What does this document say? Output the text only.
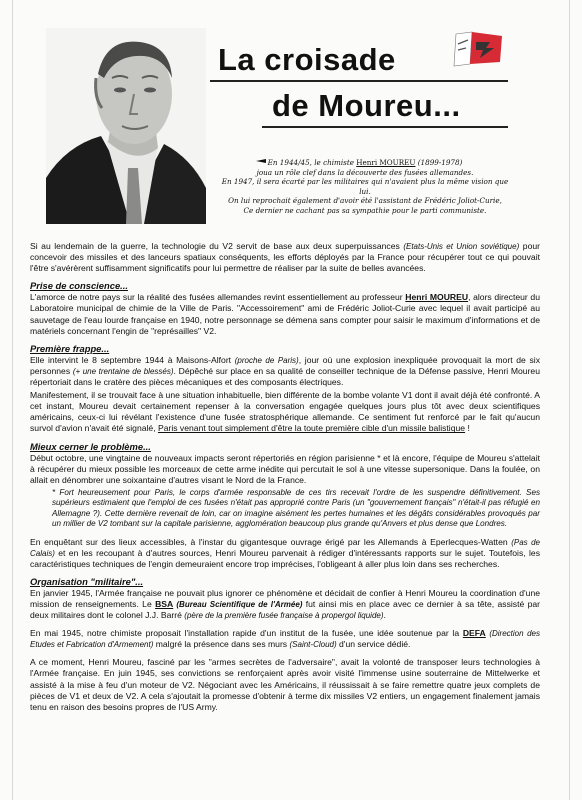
La croisade
de Moureu...
En 1944/45, le chimiste Henri MOUREU (1899-1978)
joua un rôle clef dans la découverte des fusées allemandes.
En 1947, il sera écarté par les militaires qui n'avaient plus la même vision que lui.
On lui reprochait également d'avoir été l'assistant de Frédéric Joliot-Curie,
Ce dernier ne cachant pas sa sympathie pour le parti communiste.

Si au lendemain de la guerre, la technologie du V2 servit de base aux deux superpuissances (Etats-Unis et Union soviétique) pour concevoir des missiles et des lanceurs spatiaux conséquents, les efforts déployés par la France pour récupérer tout ce qui pouvait l'être s'avérèrent suffisamment significatifs pour lui permettre de réaliser par la suite de belles avancées.

Prise de conscience...

L'amorce de notre pays sur la réalité des fusées allemandes revint essentiellement au professeur Henri MOUREU, alors directeur du Laboratoire municipal de chimie de la Ville de Paris. "Accessoirement" ami de Frédéric Joliot-Curie avec lequel il avait participé au sauvetage de l'eau lourde française en 1940, notre personnage se démena sans compter pour saisir le maximum d'informations et de matériels concernant l'engin de "représailles" V2.

Première frappe...

Elle intervint le 8 septembre 1944 à Maisons-Alfort (proche de Paris), jour où une explosion inexpliquée provoquait la mort de six personnes (+ une trentaine de blessés). Dépêché sur place en sa qualité de conseiller technique de la Défense passive, Henri Moureu répertoriait dans le cratère des pièces mécaniques et des composants électriques.

Manifestement, il se trouvait face à une situation inhabituelle, bien différente de la bombe volante V1 dont il avait déjà été confronté. A cet instant, Moureu devait certainement repenser à la conversation engagée quelques jours plus tôt avec deux scientifiques américains, ceux-ci lui révélant l'existence d'une fusée stratosphérique allemande. Ce sentiment fut renforcé par le fait qu'aucun survol d'avion n'avait été signalé, Paris venant tout simplement d'être la toute première cible d'un missile balistique !

Mieux cerner le problème...

Début octobre, une vingtaine de nouveaux impacts seront répertoriés en région parisienne * et là encore, l'équipe de Moureu s'attelait à récupérer du mieux possible les morceaux de cette arme inédite qui percutait le sol à une vitesse supersonique. Dans la foulée, on allait en dénombrer une soixantaine d'autres visant le Nord de la France.

* Fort heureusement pour Paris, le corps d'armée responsable de ces tirs recevait l'ordre de les suspendre définitivement. Ses supérieurs estimaient que l'emploi de ces fusées n'était pas approprié contre Paris (un "gouvernement français" n'était-il pas réfugié en Allemagne ?). Cette dernière revenait de loin, car on imagine aisément les pertes humaines et les dégâts considérables provoqués par un millier de V2 tombant sur la capitale parisienne, agglomération beaucoup plus grande qu'Anvers et plus dense que Londres.

En enquêtant sur des lieux accessibles, à l'instar du gigantesque ouvrage érigé par les Allemands à Eperlecques-Watten (Pas de Calais) et en les recoupant à d'autres sources, Henri Moureu parvenait à rédiger d'intéressants rapports sur le sujet. Toutefois, les caractéristiques techniques de l'engin demeuraient encore trop imprécises, l'obligeant à aller plus loin dans ses recherches.

Organisation "militaire"...

En janvier 1945, l'Armée française ne pouvait plus ignorer ce phénomène et décidait de confier à Henri Moureu la coordination d'une mission de renseignements. Le BSA (Bureau Scientifique de l'Armée) fut ainsi mis en place avec ce dernier à sa tête, assisté par deux militaires dont le colonel J.J. Barré (père de la première fusée française à propergol liquide).

En mai 1945, notre chimiste proposait l'installation rapide d'un institut de la fusée, une idée soutenue par la DEFA (Direction des Etudes et Fabrication d'Armement) malgré la présence dans ses murs (Saint-Cloud) d'un service dédié.

A ce moment, Henri Moureu, fasciné par les "armes secrètes de l'adversaire", avait la volonté de transposer leurs technologies à l'Armée française. En juin 1945, ses convictions se renforçaient après avoir visité l'immense usine souterraine de Mittelwerke et assisté à la mise à feu d'un moteur de V2. Négociant avec les Américains, il réussissait à se faire remettre quatre jeux complets de pièces de V1 et deux de V2. A cela s'ajoutait la promesse d'obtenir à terme dix missiles V2 entiers, un engagement finalement jamais tenu en raison des besoins propres de l'US Army.
